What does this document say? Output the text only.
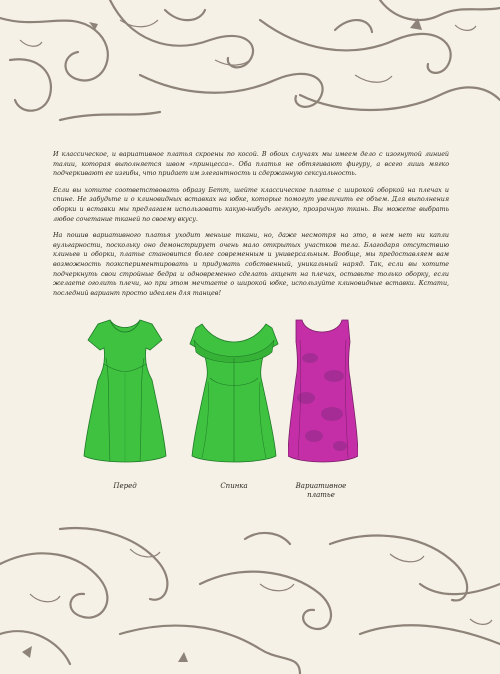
И классическое, и вариативное платья скроены по косой. В обоих случаях мы имеем дело с изогнутой линией талии, которая выполняется швом «принцесса». Оба платья не обтягивают фигуру, а всего лишь мягко подчеркивают ее изгибы, что придает им элегантность и сдержанную сексуальность.

Если вы хотите соответствовать образу Бетт, шейте классическое платье с широкой оборкой на плечах и спине. Не забудьте и о клиновидных вставках на юбке, которые помогут увеличить ее объем. Для выполнения оборки и вставки мы предлагаем использовать какую-нибудь легкую, прозрачную ткань. Вы можете выбрать любое сочетание тканей по своему вкусу.

На пошив вариативного платья уходит меньше ткани, но, даже несмотря на это, в нем нет ни капли вульгарности, поскольку оно демонстрирует очень мало открытых участков тела. Благодаря отсутствию клиньев и оборки, платье становится более современным и универсальным. Вообще, мы предоставляем вам возможность поэкспериментировать и придумать собственный, уникальный наряд. Так, если вы хотите подчеркнуть свои стройные бедра и одновременно сделать акцент на плечах, оставьте только оборку, если желаете оголить плечи, но при этом мечтаете о широкой юбке, используйте клиновидные вставки. Кстати, последний вариант просто идеален для танцев!

Перед	Спинка	Вариативное платье
